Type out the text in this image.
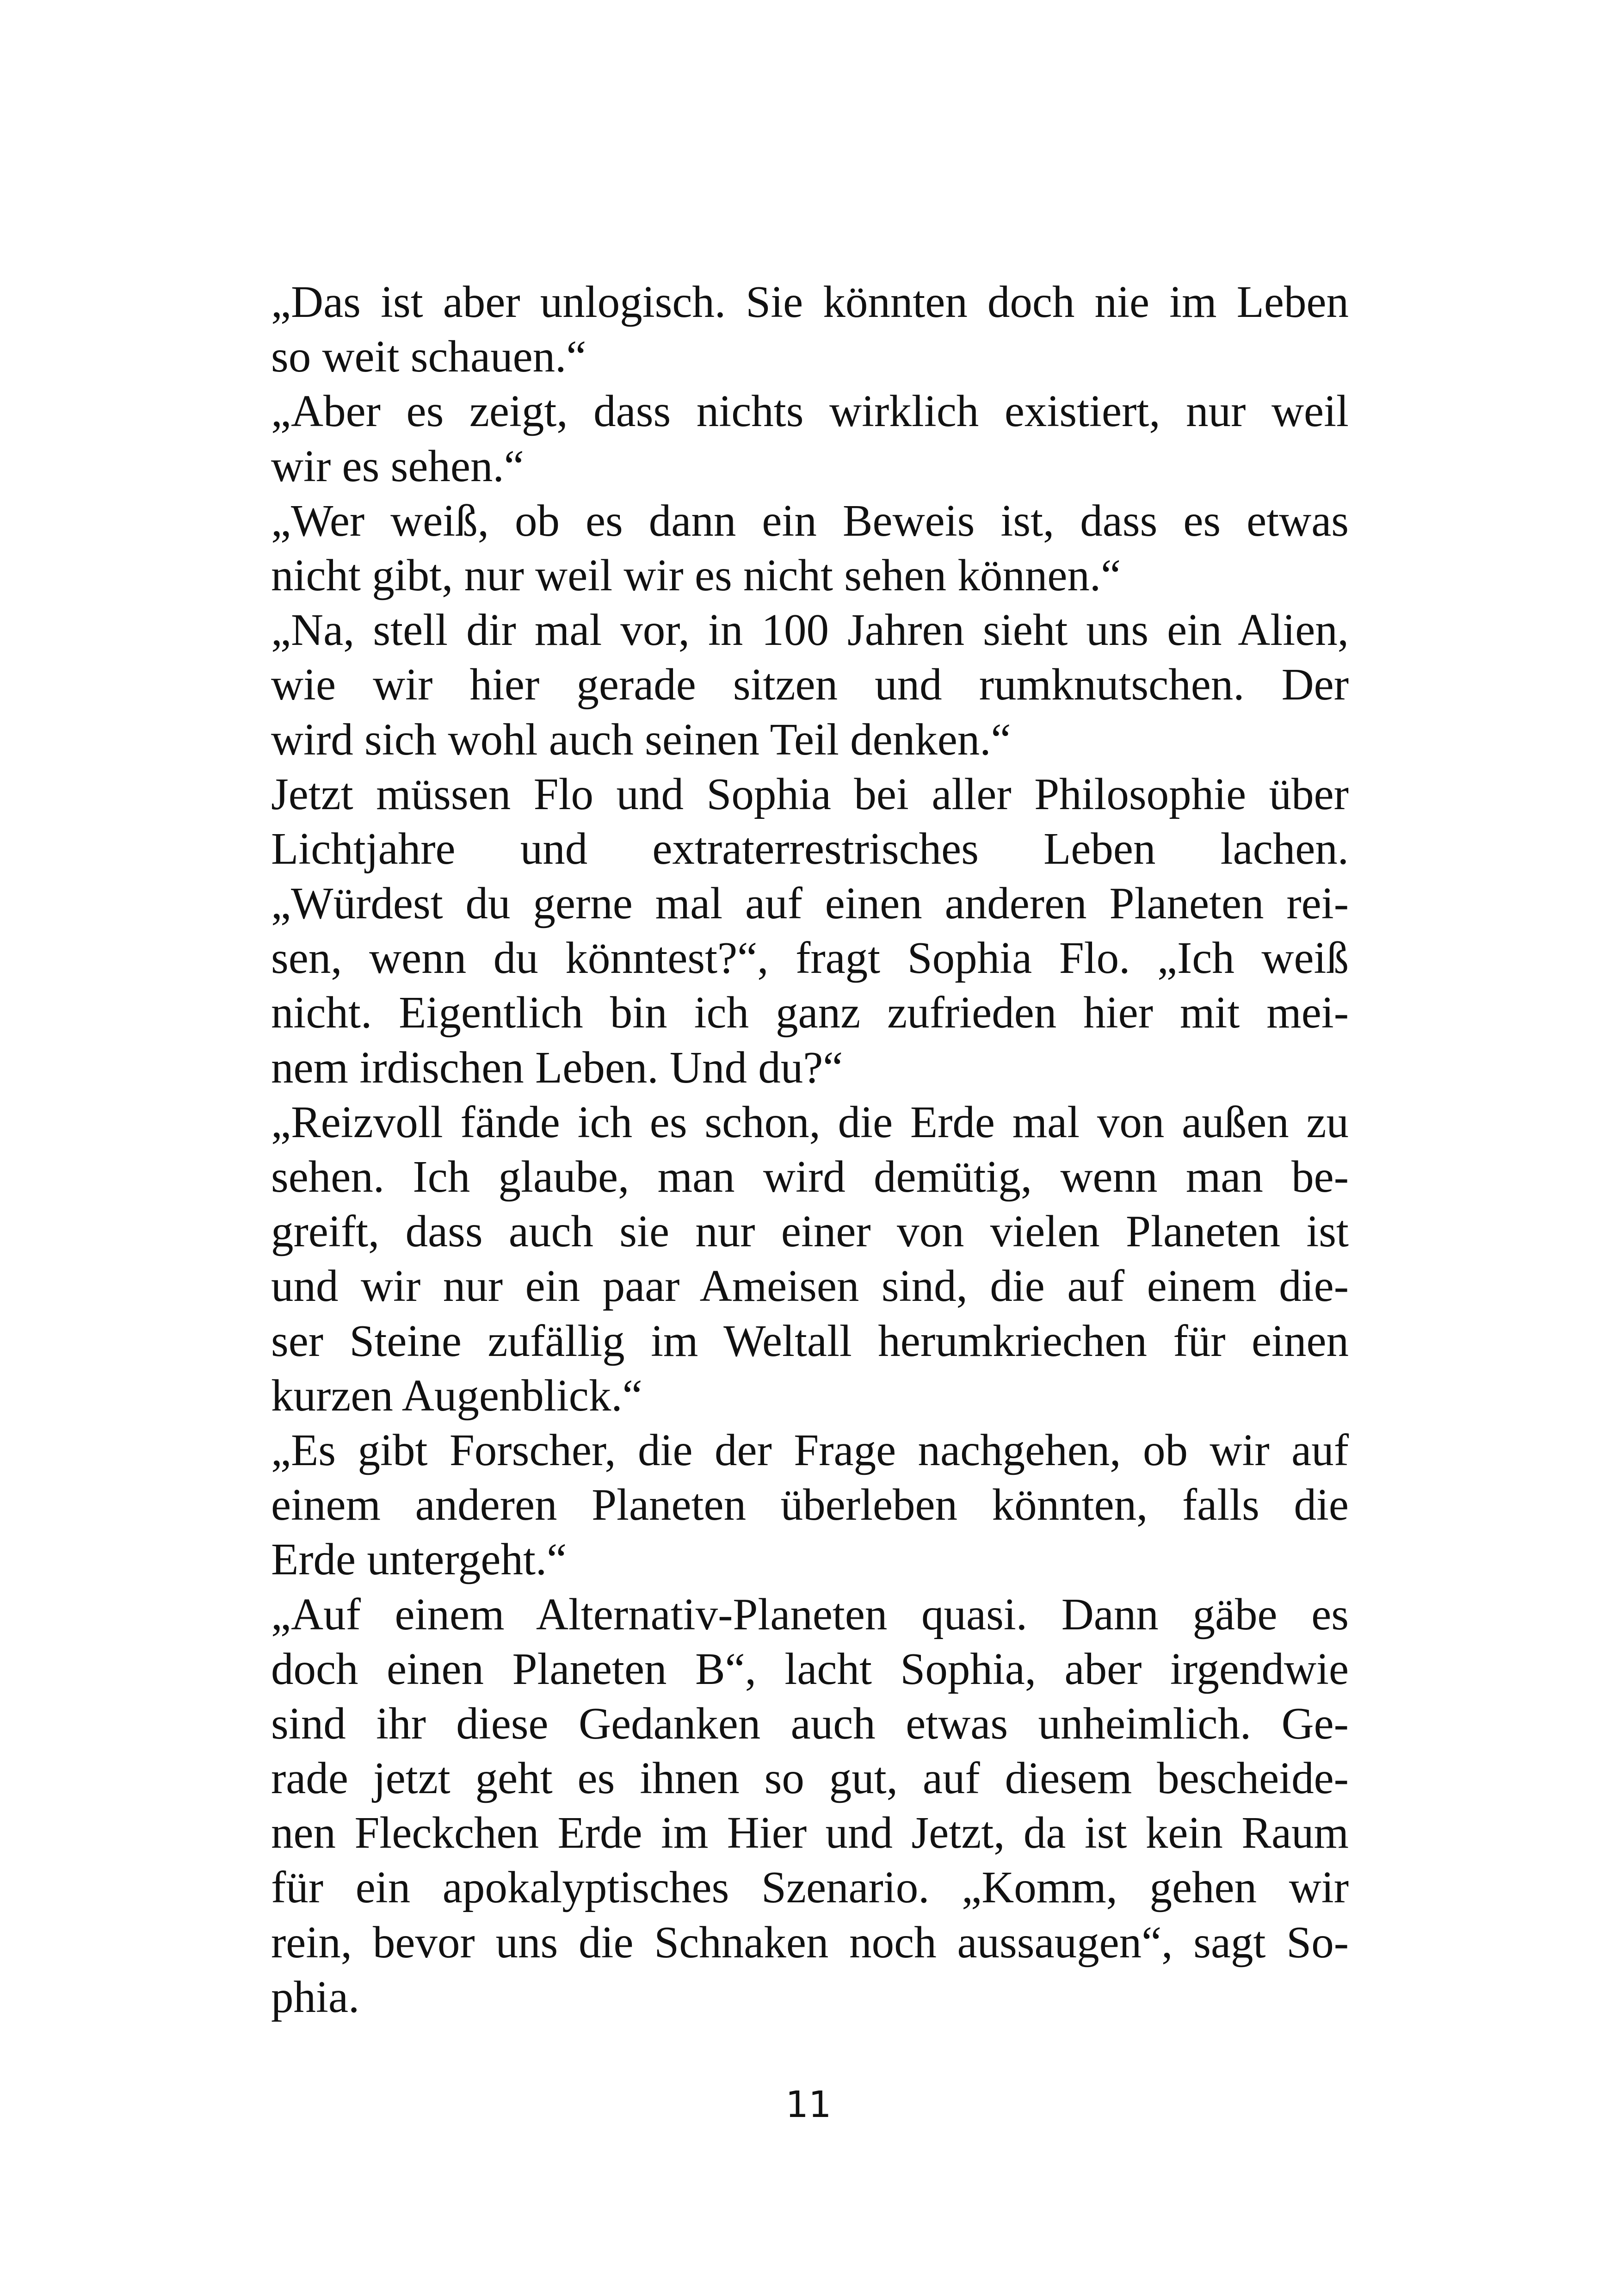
„Das ist aber unlogisch. Sie könnten doch nie im Leben
so weit schauen.“
„Aber es zeigt, dass nichts wirklich existiert, nur weil
wir es sehen.“
„Wer weiß, ob es dann ein Beweis ist, dass es etwas
nicht gibt, nur weil wir es nicht sehen können.“
„Na, stell dir mal vor, in 100 Jahren sieht uns ein Alien,
wie wir hier gerade sitzen und rumknutschen. Der
wird sich wohl auch seinen Teil denken.“
Jetzt müssen Flo und Sophia bei aller Philosophie über
Lichtjahre und extraterrestrisches Leben lachen.
„Würdest du gerne mal auf einen anderen Planeten rei-
sen, wenn du könntest?“, fragt Sophia Flo. „Ich weiß
nicht. Eigentlich bin ich ganz zufrieden hier mit mei-
nem irdischen Leben. Und du?“
„Reizvoll fände ich es schon, die Erde mal von außen zu
sehen. Ich glaube, man wird demütig, wenn man be-
greift, dass auch sie nur einer von vielen Planeten ist
und wir nur ein paar Ameisen sind, die auf einem die-
ser Steine zufällig im Weltall herumkriechen für einen
kurzen Augenblick.“
„Es gibt Forscher, die der Frage nachgehen, ob wir auf
einem anderen Planeten überleben könnten, falls die
Erde untergeht.“
„Auf einem Alternativ-Planeten quasi. Dann gäbe es
doch einen Planeten B“, lacht Sophia, aber irgendwie
sind ihr diese Gedanken auch etwas unheimlich. Ge-
rade jetzt geht es ihnen so gut, auf diesem bescheide-
nen Fleckchen Erde im Hier und Jetzt, da ist kein Raum
für ein apokalyptisches Szenario. „Komm, gehen wir
rein, bevor uns die Schnaken noch aussaugen“, sagt So-
phia.
11
